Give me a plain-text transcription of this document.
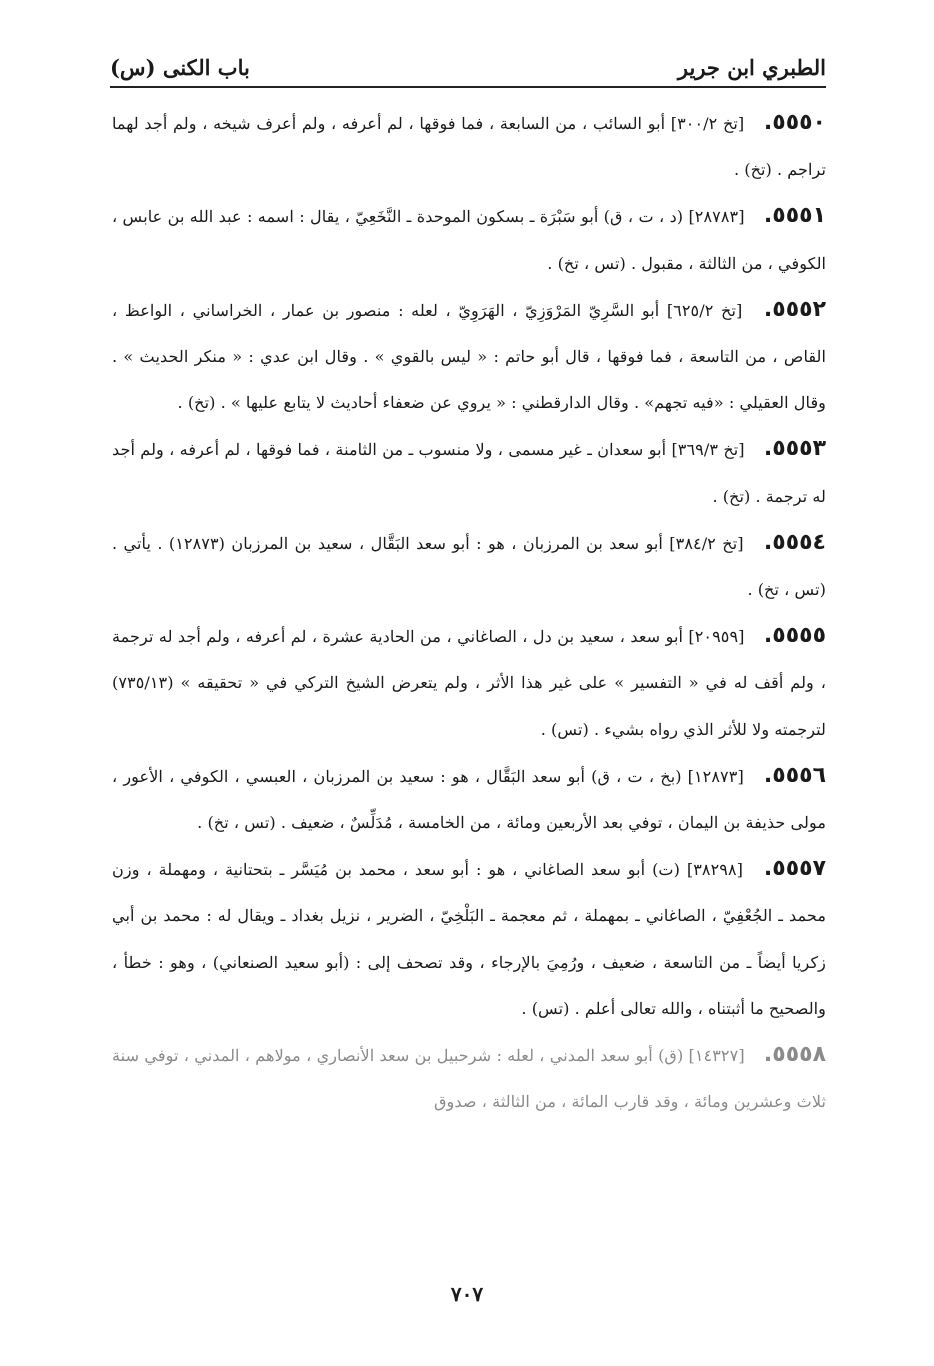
الطبري ابن جرير
باب الكنى (س)

٥٥٥٠. [تخ ٣٠٠/٢] أبو السائب ، من السابعة ، فما فوقها ، لم أعرفه ، ولم أعرف شيخه ، ولم أجد لهما تراجم . (تخ) .

٥٥٥١. [٢٨٧٨٣] (د ، ت ، ق) أبو سَبْرَة ـ بسكون الموحدة ـ النَّخَعِيّ ، يقال : اسمه : عبد الله بن عابس ، الكوفي ، من الثالثة ، مقبول . (تس ، تخ) .

٥٥٥٢. [تخ ٦٢٥/٢] أبو السَّرِيّ المَرْوَزِيّ ، الهَرَوِيّ ، لعله : منصور بن عمار ، الخراساني ، الواعظ ، القاص ، من التاسعة ، فما فوقها ، قال أبو حاتم : « ليس بالقوي » . وقال ابن عدي : « منكر الحديث » . وقال العقيلي : «فيه تجهم» . وقال الدارقطني : « يروي عن ضعفاء أحاديث لا يتابع عليها » . (تخ) .

٥٥٥٣. [تخ ٣٦٩/٣] أبو سعدان ـ غير مسمى ، ولا منسوب ـ من الثامنة ، فما فوقها ، لم أعرفه ، ولم أجد له ترجمة . (تخ) .

٥٥٥٤. [تخ ٣٨٤/٢] أبو سعد بن المرزبان ، هو : أبو سعد البَقَّال ، سعيد بن المرزبان (١٢٨٧٣) . يأتي . (تس ، تخ) .

٥٥٥٥. [٢٠٩٥٩] أبو سعد ، سعيد بن دل ، الصاغاني ، من الحادية عشرة ، لم أعرفه ، ولم أجد له ترجمة ، ولم أقف له في « التفسير » على غير هذا الأثر ، ولم يتعرض الشيخ التركي في « تحقيقه » (٧٣٥/١٣) لترجمته ولا للأثر الذي رواه بشيء . (تس) .

٥٥٥٦. [١٢٨٧٣] (بخ ، ت ، ق) أبو سعد البَقَّال ، هو : سعيد بن المرزبان ، العبسي ، الكوفي ، الأعور ، مولى حذيفة بن اليمان ، توفي بعد الأربعين ومائة ، من الخامسة ، مُدَلِّسٌ ، ضعيف . (تس ، تخ) .

٥٥٥٧. [٣٨٢٩٨] (ت) أبو سعد الصاغاني ، هو : أبو سعد ، محمد بن مُيَسَّر ـ بتحتانية ، ومهملة ، وزن محمد ـ الجُعْفِيّ ، الصاغاني ـ بمهملة ، ثم معجمة ـ البَلْخِيّ ، الضرير ، نزيل بغداد ـ ويقال له : محمد بن أبي زكريا أيضاً ـ من التاسعة ، ضعيف ، ورُمِيَ بالإرجاء ، وقد تصحف إلى : (أبو سعيد الصنعاني) ، وهو : خطأ ، والصحيح ما أثبتناه ، والله تعالى أعلم . (تس) .

٥٥٥٨. [١٤٣٢٧] (ق) أبو سعد المدني ، لعله : شرحبيل بن سعد الأنصاري ، مولاهم ، المدني ، توفي سنة ثلاث وعشرين ومائة ، وقد قارب المائة ، من الثالثة ، صدوق

٧٠٧
